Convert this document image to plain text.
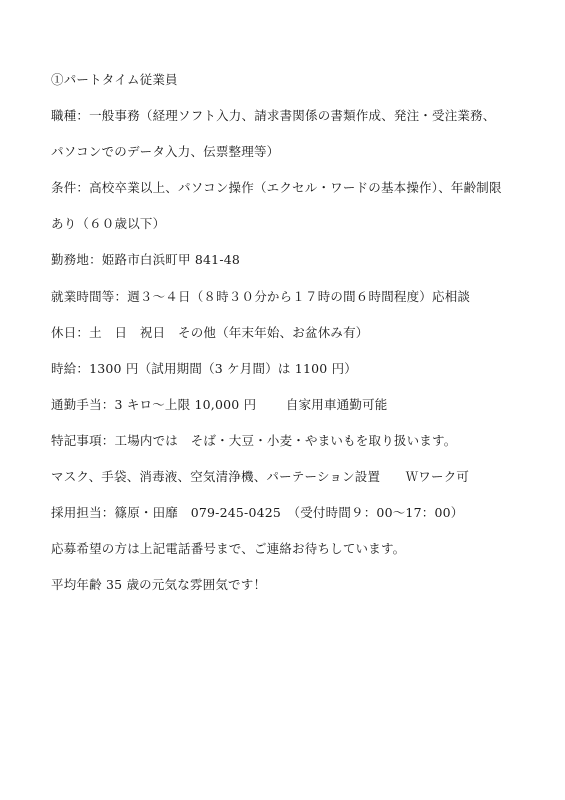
①パートタイム従業員
職種：一般事務（経理ソフト入力、請求書関係の書類作成、発注・受注業務、
パソコンでのデータ入力、伝票整理等）
条件：高校卒業以上、パソコン操作（エクセル・ワードの基本操作）、年齢制限
あり（６０歳以下）
勤務地：姫路市白浜町甲 841-48
就業時間等：週３〜４日（８時３０分から１７時の間６時間程度）応相談
休日：土　日　祝日　その他（年末年始、お盆休み有）
時給：1300 円（試用期間（3 ケ月間）は 1100 円）
通勤手当：3 キロ〜上限 10,000 円　　 自家用車通勤可能
特記事項：工場内では　そば・大豆・小麦・やまいもを取り扱います。
マスク、手袋、消毒液、空気清浄機、パーテーション設置　　Ｗワーク可
採用担当：篠原・田靡　079-245-0425　（受付時間９：00〜17：00）
応募希望の方は上記電話番号まで、ご連絡お待ちしています。
平均年齢 35 歳の元気な雰囲気です！
